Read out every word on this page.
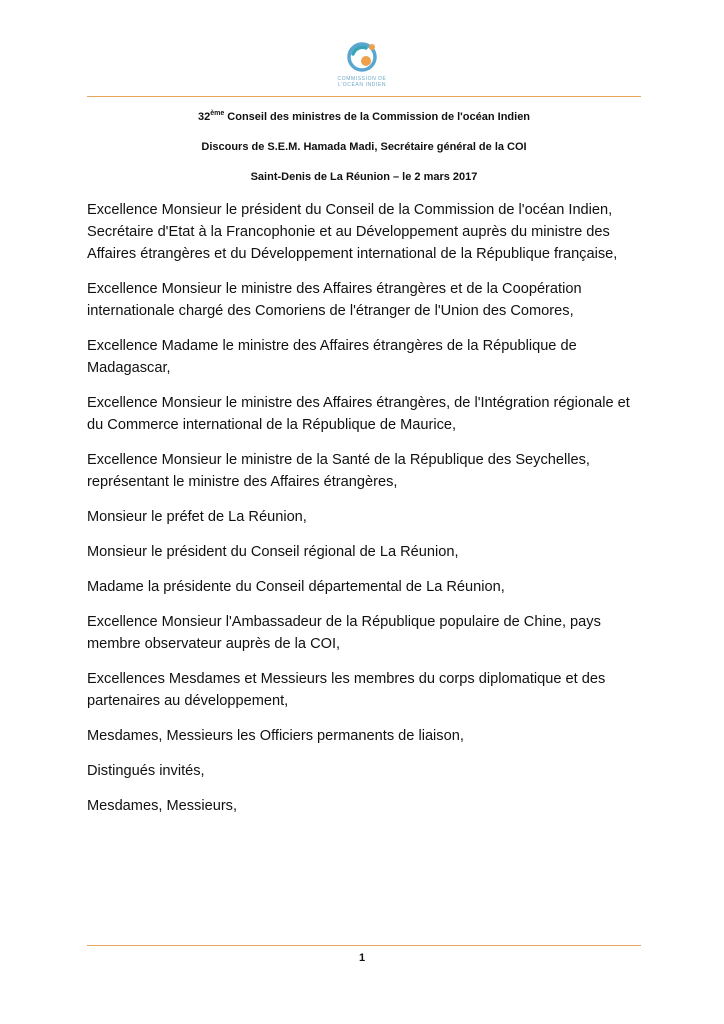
COMMISSION DE
L'OCÉAN INDIEN
32ème Conseil des ministres de la Commission de l'océan Indien
Discours de S.E.M. Hamada Madi, Secrétaire général de la COI
Saint-Denis de La Réunion – le 2 mars 2017

Excellence Monsieur le président du Conseil de la Commission de l'océan Indien, Secrétaire d'Etat à la Francophonie et au Développement auprès du ministre des Affaires étrangères et du Développement international de la République française,

Excellence Monsieur le ministre des Affaires étrangères et de la Coopération internationale chargé des Comoriens de l'étranger de l'Union des Comores,

Excellence Madame le ministre des Affaires étrangères de la République de Madagascar,

Excellence Monsieur le ministre des Affaires étrangères, de l'Intégration régionale et du Commerce international de la République de Maurice,

Excellence Monsieur le ministre de la Santé de la République des Seychelles, représentant le ministre des Affaires étrangères,

Monsieur le préfet de La Réunion,

Monsieur le président du Conseil régional de La Réunion,

Madame la présidente du Conseil départemental de La Réunion,

Excellence Monsieur l'Ambassadeur de la République populaire de Chine, pays membre observateur auprès de la COI,

Excellences Mesdames et Messieurs les membres du corps diplomatique et des partenaires au développement,

Mesdames, Messieurs les Officiers permanents de liaison,

Distingués invités,

Mesdames, Messieurs,

1
